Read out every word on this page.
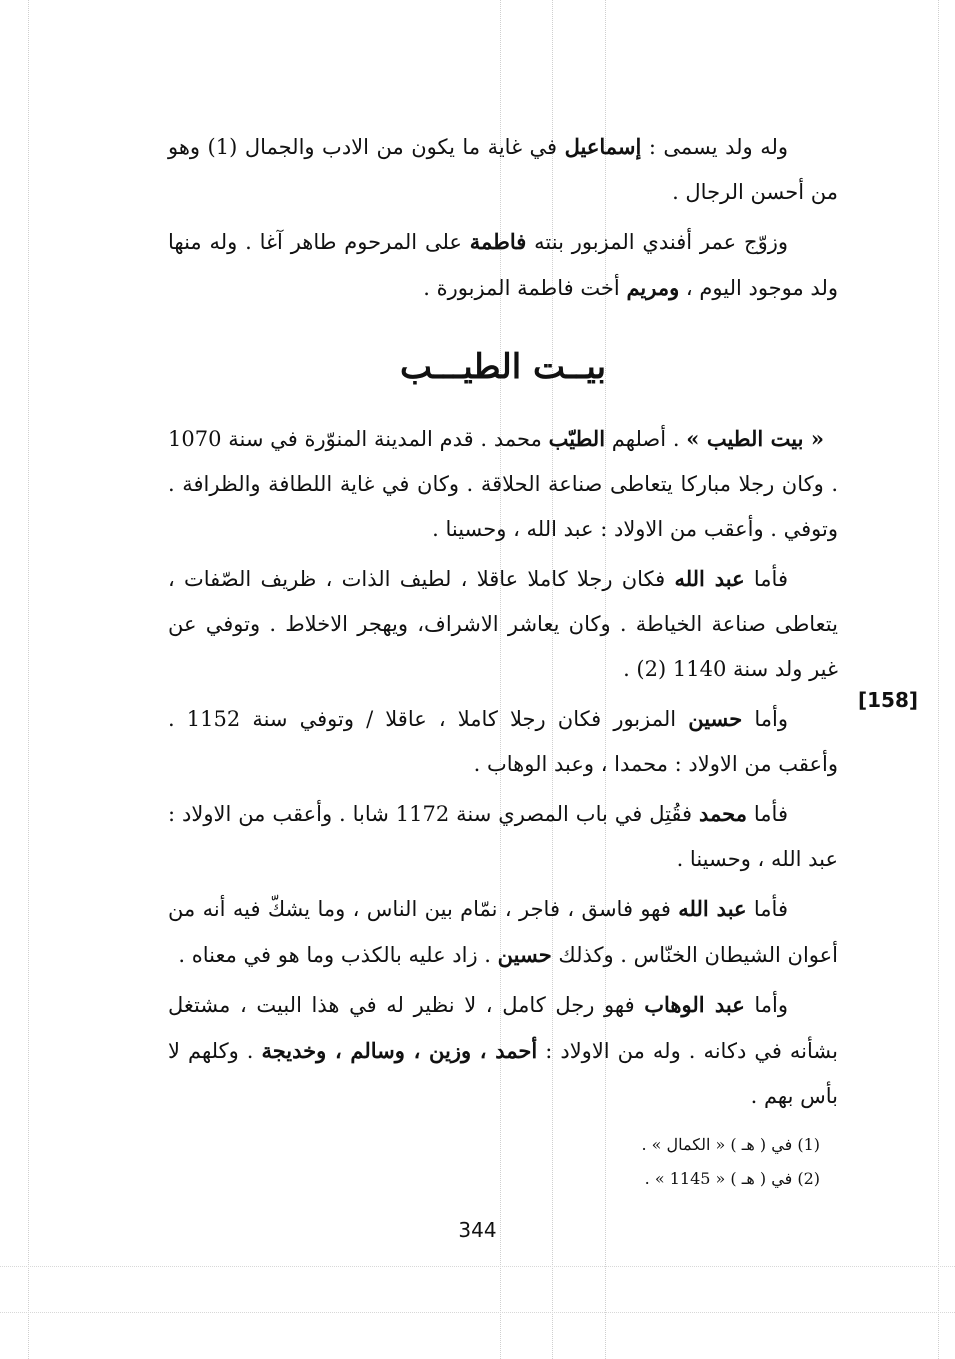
وله ولد يسمى : إسماعيل في غاية ما يكون من الادب والجمال (1) وهو من أحسن الرجال .

وزوّج عمر أفندي المزبور بنته فاطمة على المرحوم طاهر آغا . وله منها ولد موجود اليوم ، ومريم أخت فاطمة المزبورة .

بيــت الطيـــب
[158]

« بيت الطيب » . أصلهم الطيّب محمد . قدم المدينة المنوّرة في سنة 1070 . وكان رجلا مباركا يتعاطى صناعة الحلاقة . وكان في غاية اللطافة والظرافة . وتوفي . وأعقب من الاولاد : عبد الله ، وحسينا .

فأما عبد الله فكان رجلا كاملا عاقلا ، لطيف الذات ، ظريف الصّفات ، يتعاطى صناعة الخياطة . وكان يعاشر الاشراف، ويهجر الاخلاط . وتوفي عن غير ولد سنة 1140 (2) .

وأما حسين المزبور فكان رجلا كاملا ، عاقلا / وتوفي سنة 1152 . وأعقب من الاولاد : محمدا ، وعبد الوهاب .

فأما محمد فقُتِل في باب المصري سنة 1172 شابا . وأعقب من الاولاد : عبد الله ، وحسينا .

فأما عبد الله فهو فاسق ، فاجر ، نمّام بين الناس ، وما يشكّ فيه أنه من أعوان الشيطان الخنّاس . وكذلك حسين . زاد عليه بالكذب وما هو في معناه .

وأما عبد الوهاب فهو رجل كامل ، لا نظير له في هذا البيت ، مشتغل بشأنه في دكانه . وله من الاولاد : أحمد ، وزين ، وسالم ، وخديجة . وكلهم لا بأس بهم .

(1) في ( هـ ) « الكمال » .
(2) في ( هـ ) « 1145 » .
344
